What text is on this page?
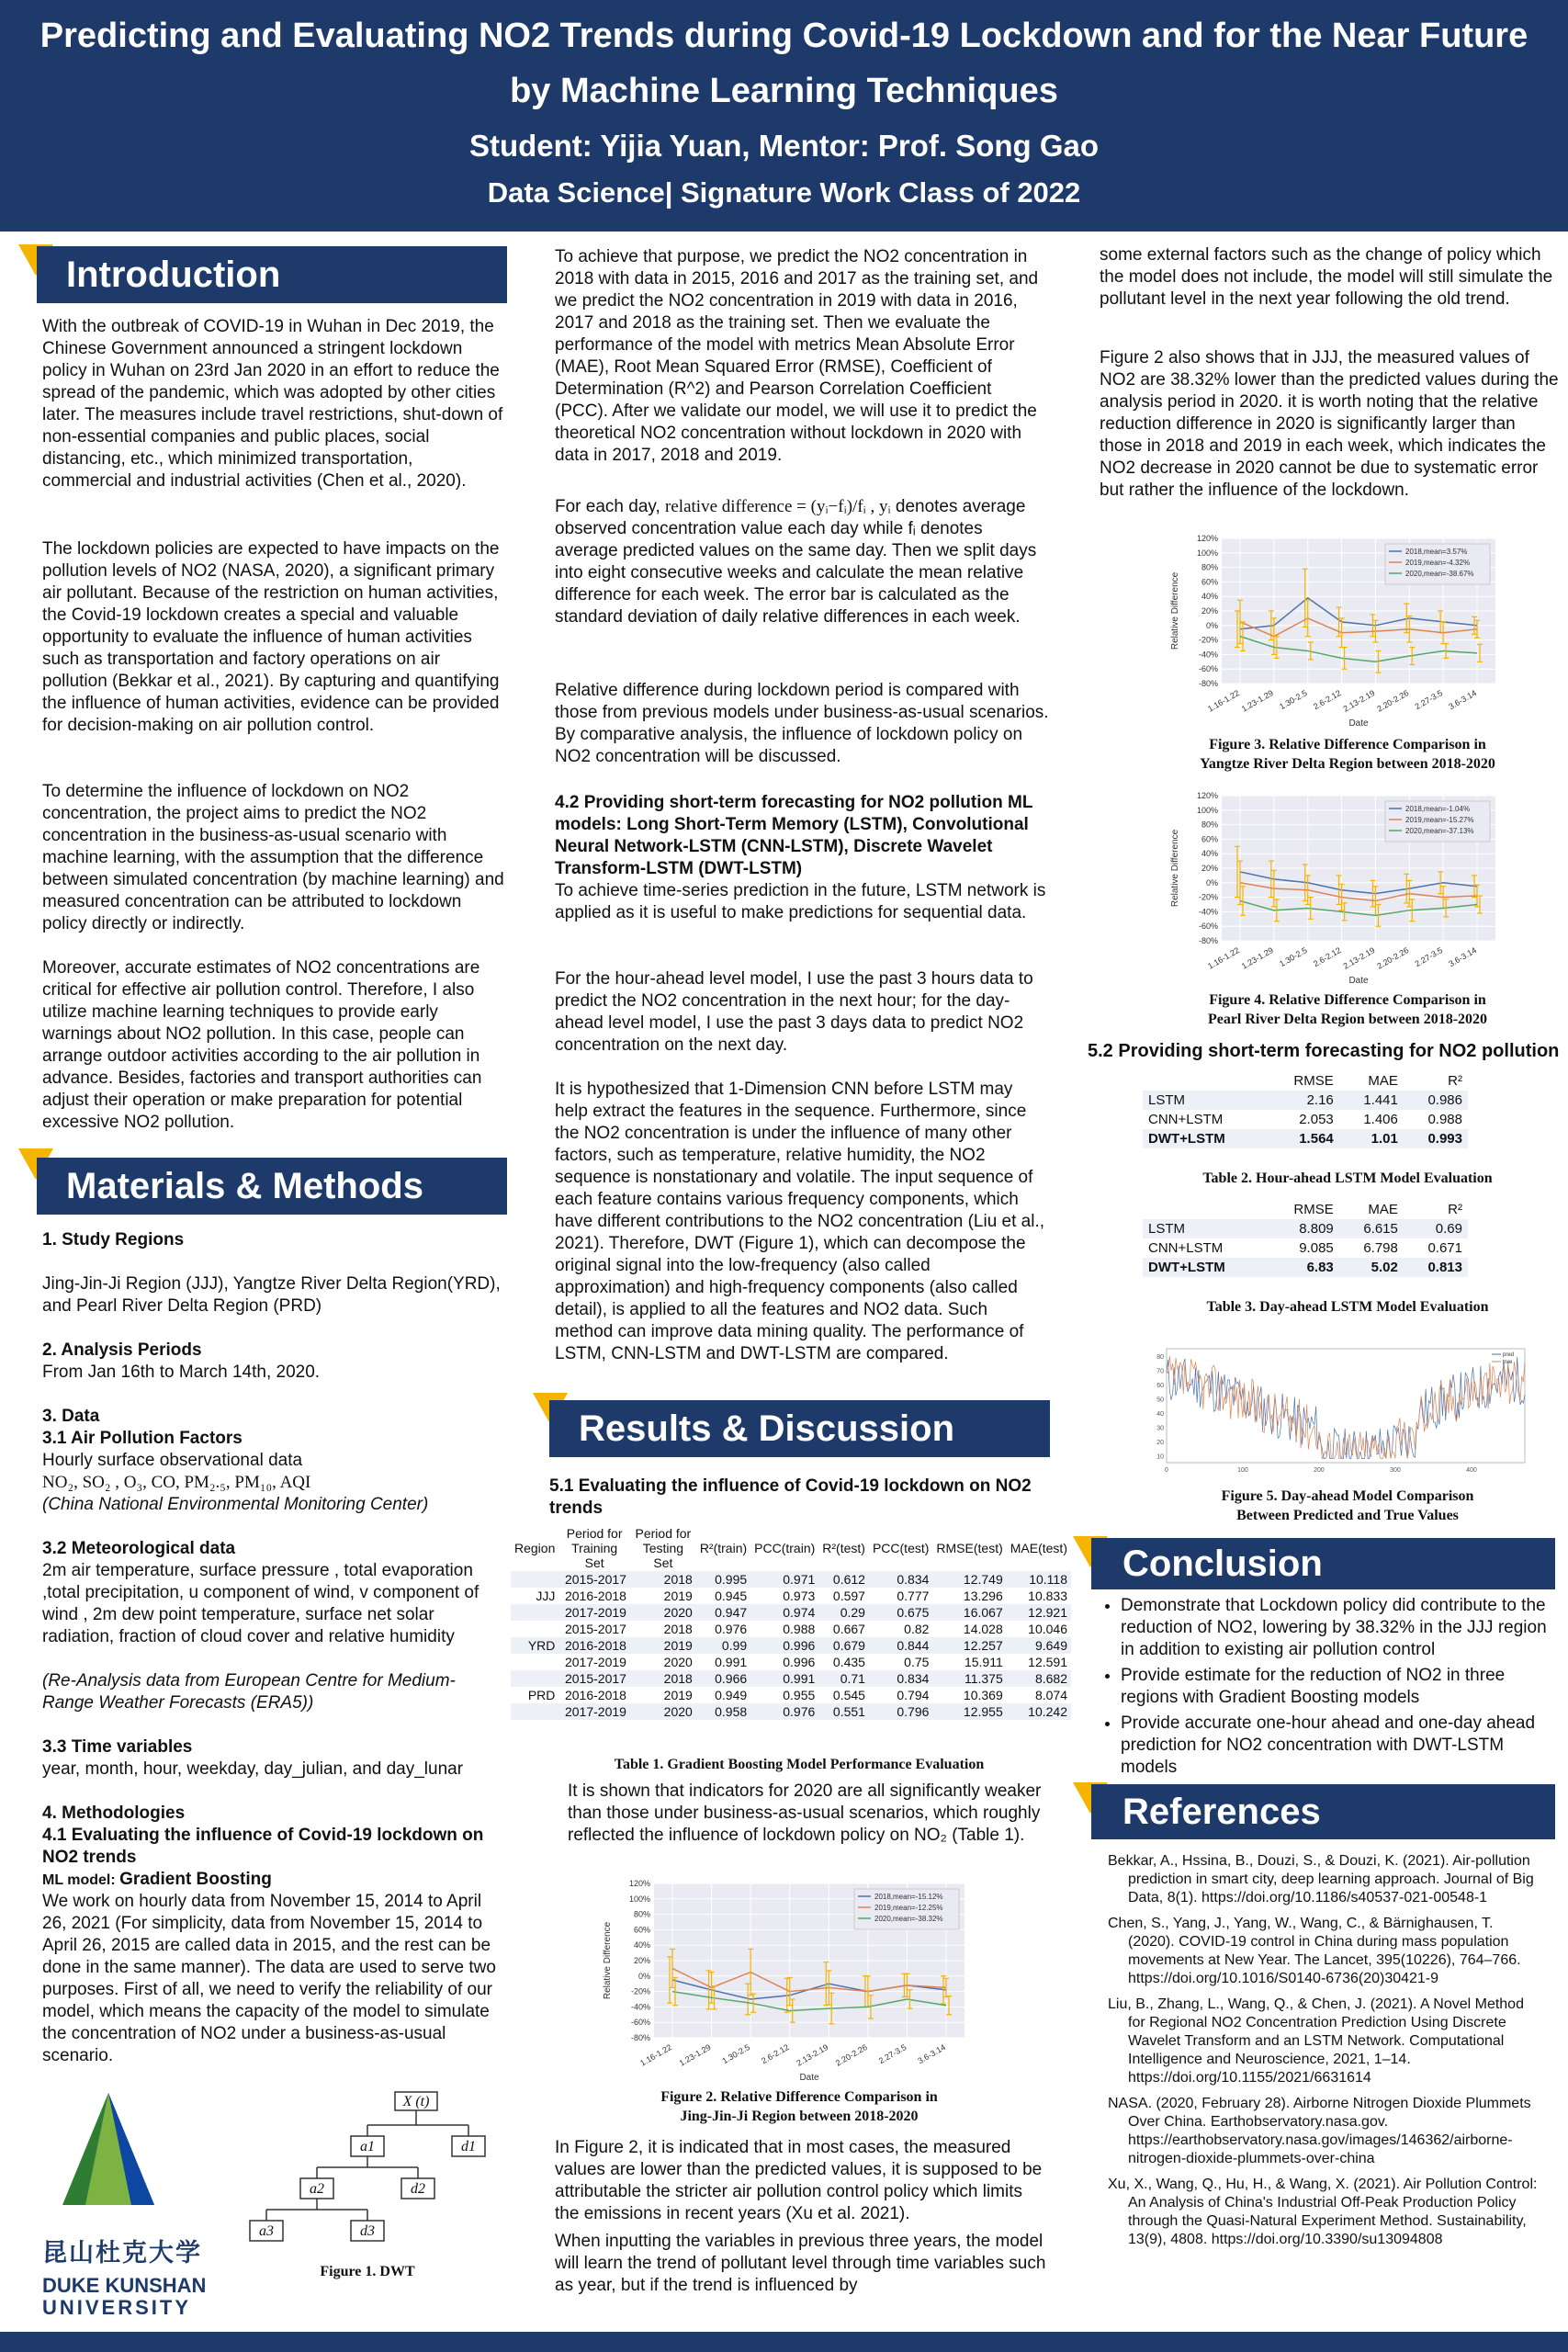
Predicting and Evaluating NO2 Trends during Covid-19 Lockdown and for the Near Future
by Machine Learning Techniques
Student: Yijia Yuan, Mentor: Prof. Song Gao
Data Science| Signature Work Class of 2022
Introduction
With the outbreak of COVID-19 in Wuhan in Dec 2019, the Chinese Government announced a stringent lockdown policy in Wuhan on 23rd Jan 2020 in an effort to reduce the spread of the pandemic, which was adopted by other cities later. The measures include travel restrictions, shut-down of non-essential companies and public places, social distancing, etc., which minimized transportation, commercial and industrial activities (Chen et al., 2020).
The lockdown policies are expected to have impacts on the pollution levels of NO2 (NASA, 2020), a significant primary air pollutant. Because of the restriction on human activities, the Covid-19 lockdown creates a special and valuable opportunity to evaluate the influence of human activities such as transportation and factory operations on air pollution (Bekkar et al., 2021). By capturing and quantifying the influence of human activities, evidence can be provided for decision-making on air pollution control.
To determine the influence of lockdown on NO2 concentration, the project aims to predict the NO2 concentration in the business-as-usual scenario with machine learning, with the assumption that the difference between simulated concentration (by machine learning) and measured concentration can be attributed to lockdown policy directly or indirectly.
Moreover, accurate estimates of NO2 concentrations are critical for effective air pollution control. Therefore, I also utilize machine learning techniques to provide early warnings about NO2 pollution. In this case, people can arrange outdoor activities according to the air pollution in advance. Besides, factories and transport authorities can adjust their operation or make preparation for potential excessive NO2 pollution.
Materials & Methods
1. Study Regions
Jing-Jin-Ji Region (JJJ), Yangtze River Delta Region(YRD), and Pearl River Delta Region (PRD)
2. Analysis Periods
From Jan 16th to March 14th, 2020.
3. Data
3.1 Air Pollution Factors
Hourly surface observational data
NO₂, SO₂ , O₃, CO, PM₂.₅, PM₁₀, AQI
(China National Environmental Monitoring Center)
3.2 Meteorological data
2m air temperature, surface pressure , total evaporation ,total precipitation, u component of wind, v component of wind , 2m dew point temperature, surface net solar radiation, fraction of cloud cover and relative humidity
(Re-Analysis data from European Centre for Medium-Range Weather Forecasts (ERA5))
3.3 Time variables
year, month, hour, weekday, day_julian, and day_lunar
4. Methodologies
4.1 Evaluating the influence of Covid-19 lockdown on NO2 trends
ML model: Gradient Boosting
We work on hourly data from November 15, 2014 to April 26, 2021 (For simplicity, data from November 15, 2014 to April 26, 2015 are called data in 2015, and the rest can be done in the same manner). The data are used to serve two purposes. First of all, we need to verify the reliability of our model, which means the capacity of the model to simulate the concentration of NO2 under a business-as-usual scenario.
昆山杜克大学
DUKE KUNSHAN
UNIVERSITY
X (t)
a1	d1
a2	d2
a3	d3
Figure 1. DWT
To achieve that purpose, we predict the NO2 concentration in 2018 with data in 2015, 2016 and 2017 as the training set, and we predict the NO2 concentration in 2019 with data in 2016, 2017 and 2018 as the training set. Then we evaluate the performance of the model with metrics Mean Absolute Error (MAE), Root Mean Squared Error (RMSE), Coefficient of Determination (R^2) and Pearson Correlation Coefficient (PCC). After we validate our model, we will use it to predict the theoretical NO2 concentration without lockdown in 2020 with data in 2017, 2018 and 2019.
For each day, relative difference = (yᵢ−fᵢ)/fᵢ , yᵢ denotes average observed concentration value each day while fᵢ denotes average predicted values on the same day. Then we split days into eight consecutive weeks and calculate the mean relative difference for each week. The error bar is calculated as the standard deviation of daily relative differences in each week.
Relative difference during lockdown period is compared with those from previous models under business-as-usual scenarios. By comparative analysis, the influence of lockdown policy on NO2 concentration will be discussed.
4.2 Providing short-term forecasting for NO2 pollution ML models: Long Short-Term Memory (LSTM), Convolutional Neural Network-LSTM (CNN-LSTM), Discrete Wavelet Transform-LSTM (DWT-LSTM)
To achieve time-series prediction in the future, LSTM network is applied as it is useful to make predictions for sequential data.
For the hour-ahead level model, I use the past 3 hours data to predict the NO2 concentration in the next hour; for the day-ahead level model, I use the past 3 days data to predict NO2 concentration on the next day.
It is hypothesized that 1-Dimension CNN before LSTM may help extract the features in the sequence. Furthermore, since the NO2 concentration is under the influence of many other factors, such as temperature, relative humidity, the NO2 sequence is nonstationary and volatile. The input sequence of each feature contains various frequency components, which have different contributions to the NO2 concentration (Liu et al., 2021). Therefore, DWT (Figure 1), which can decompose the original signal into the low-frequency (also called approximation) and high-frequency components (also called detail), is applied to all the features and NO2 data. Such method can improve data mining quality. The performance of LSTM, CNN-LSTM and DWT-LSTM are compared.
Results & Discussion
5.1 Evaluating the influence of Covid-19 lockdown on NO2 trends
Region	Period for Training Set	Period for Testing Set	R²(train)	PCC(train)	R²(test)	PCC(test)	RMSE(test)	MAE(test)
	2015-2017	2018	0.995	0.971	0.612	0.834	12.749	10.118
JJJ	2016-2018	2019	0.945	0.973	0.597	0.777	13.296	10.833
	2017-2019	2020	0.947	0.974	0.29	0.675	16.067	12.921
	2015-2017	2018	0.976	0.988	0.667	0.82	14.028	10.046
YRD	2016-2018	2019	0.99	0.996	0.679	0.844	12.257	9.649
	2017-2019	2020	0.991	0.996	0.435	0.75	15.911	12.591
	2015-2017	2018	0.966	0.991	0.71	0.834	11.375	8.682
PRD	2016-2018	2019	0.949	0.955	0.545	0.794	10.369	8.074
	2017-2019	2020	0.958	0.976	0.551	0.796	12.955	10.242
Table 1. Gradient Boosting Model Performance Evaluation
It is shown that indicators for 2020 are all significantly weaker than those under business-as-usual scenarios, which roughly reflected the influence of lockdown policy on NO₂ (Table 1).
120%
100%
80%
60%
40%
20%
0%
-20%
-40%
-60%
-80%
1.16-1.22 1.23-1.29 1.30-2.5 2.6-2.12 2.13-2.19 2.20-2.26 2.27-3.5 3.6-3.14
Date
Relative Difference
2018,mean=-15.12%
2019,mean=-12.25%
2020,mean=-38.32%
Figure 2. Relative Difference Comparison in
Jing-Jin-Ji Region between 2018-2020
In Figure 2, it is indicated that in most cases, the measured values are lower than the predicted values, it is supposed to be attributable the stricter air pollution control policy which limits the emissions in recent years (Xu et al. 2021).
When inputting the variables in previous three years, the model will learn the trend of pollutant level through time variables such as year, but if the trend is influenced by
some external factors such as the change of policy which the model does not include, the model will still simulate the pollutant level in the next year following the old trend.
Figure 2 also shows that in JJJ, the measured values of NO2 are 38.32% lower than the predicted values during the analysis period in 2020. it is worth noting that the relative reduction difference in 2020 is significantly larger than those in 2018 and 2019 in each week, which indicates the NO2 decrease in 2020 cannot be due to systematic error but rather the influence of the lockdown.
120%
100%
80%
60%
40%
20%
0%
-20%
-40%
-60%
-80%
1.16-1.22
1.23-1.29 1.30-2.5 2.6-2.12
2.13-2.19
2.20-2.26 2.27-3.5 3.6-3.14
Date
Relative Difference
2018,mean=3.57%
2019,mean=-4.32%
2020,mean=-38.67%
Figure 3. Relative Difference Comparison in
Yangtze River Delta Region between 2018-2020
120%
100%
80%
60%
40%
20%
0%
-20%
-40%
-60%
-80%
1.16-1.22
1.23-1.29 1.30-2.5 2.6-2.12
2.13-2.19
2.20-2.26 2.27-3.5 3.6-3.14
Date
Relative Difference
2018,mean=-1.04%
2019,mean=-15.27%
2020,mean=-37.13%
Figure 4. Relative Difference Comparison in
Pearl River Delta Region between 2018-2020
5.2 Providing short-term forecasting for NO2 pollution
	RMSE	MAE	R²
LSTM	2.16	1.441	0.986
CNN+LSTM	2.053	1.406	0.988
DWT+LSTM	1.564	1.01	0.993
Table 2. Hour-ahead LSTM Model Evaluation
	RMSE	MAE	R²
LSTM	8.809	6.615	0.69
CNN+LSTM	9.085	6.798	0.671
DWT+LSTM	6.83	5.02	0.813
Table 3. Day-ahead LSTM Model Evaluation
80
70
60
50
40
30
20
10
0	100	200	300	400
pred
true
Figure 5. Day-ahead Model Comparison
Between Predicted and True Values
Conclusion
• Demonstrate that Lockdown policy did contribute to the reduction of NO2, lowering by 38.32% in the JJJ region in addition to existing air pollution control
• Provide estimate for the reduction of NO2 in three regions with Gradient Boosting models
• Provide accurate one-hour ahead and one-day ahead prediction for NO2 concentration with DWT-LSTM models
References
Bekkar, A., Hssina, B., Douzi, S., & Douzi, K. (2021). Air-pollution prediction in smart city, deep learning approach. Journal of Big Data, 8(1). https://doi.org/10.1186/s40537-021-00548-1
Chen, S., Yang, J., Yang, W., Wang, C., & Bärnighausen, T. (2020). COVID-19 control in China during mass population movements at New Year. The Lancet, 395(10226), 764–766. https://doi.org/10.1016/S0140-6736(20)30421-9
Liu, B., Zhang, L., Wang, Q., & Chen, J. (2021). A Novel Method for Regional NO2 Concentration Prediction Using Discrete Wavelet Transform and an LSTM Network. Computational Intelligence and Neuroscience, 2021, 1–14. https://doi.org/10.1155/2021/6631614
NASA. (2020, February 28). Airborne Nitrogen Dioxide Plummets Over China. Earthobservatory.nasa.gov. https://earthobservatory.nasa.gov/images/146362/airborne-nitrogen-dioxide-plummets-over-china
Xu, X., Wang, Q., Hu, H., & Wang, X. (2021). Air Pollution Control: An Analysis of China's Industrial Off-Peak Production Policy through the Quasi-Natural Experiment Method. Sustainability, 13(9), 4808. https://doi.org/10.3390/su13094808
